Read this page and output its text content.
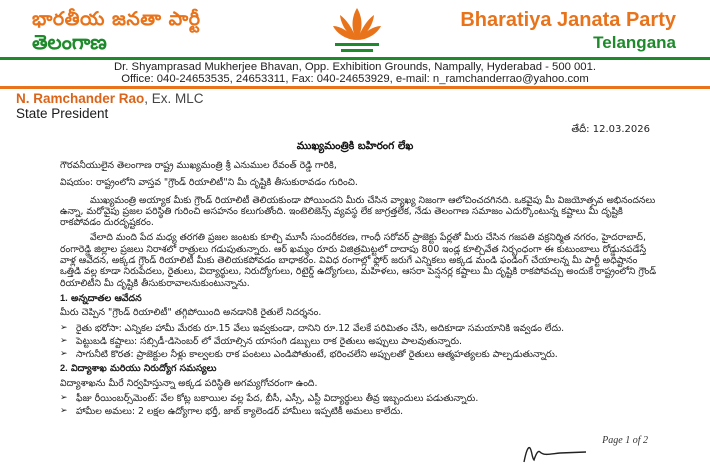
భారతీయ జనతా పార్టీ
తెలంగాణ
Bharatiya Janata Party
Telangana
Dr. Shyamprasad Mukherjee Bhavan, Opp. Exhibition Grounds, Nampally, Hyderabad - 500 001.
Office: 040-24653535, 24653311, Fax: 040-24653929, e-mail: n_ramchanderrao@yahoo.com
N. Ramchander Rao, Ex. MLC
State President
తేదీ: 12.03.2026
ముఖ్యమంత్రికి బహిరంగ లేఖ

గౌరవనీయులైన తెలంగాణ రాష్ట్ర ముఖ్యమంత్రి శ్రీ ఎనుముల రేవంత్ రెడ్డి గారికి,

విషయం: రాష్ట్రంలోని వాస్తవ "గ్రౌండ్ రియాలిటీ"ని మీ దృష్టికి తీసుకురావడం గురించి.

ముఖ్యమంత్రి అయ్యాక మీకు గ్రౌండ్ రియాలిటీ తెలియకుండా పోయిందని మీరు చేసిన వ్యాఖ్య నిజంగా ఆలోచించదగినది. ఒకవైపు మీ విజయోత్సవ అభినందనలు ఉన్నా, మరోవైపు ప్రజల పరిస్థితి గురించి అసహనం కలుగుతోంది. ఇంటెలిజెన్స్ వ్యవస్థ లేక జాగ్రత్తలేక, నేడు తెలంగాణ సమాజం ఎదుర్కొంటున్న కష్టాలు మీ దృష్టికి రాకపోవడం దురదృష్టకరం.

వేలాది మంది పేద మధ్య తరగతి ప్రజల జంటకు కూల్చి మూసీ సుందరీకరణ, గాంధీ సరోవర్ ప్రాజెక్టు పేర్లతో మీరు చేసిన గజపతి వక్రనిర్మిత నగరం, హైదరాబాద్, రంగారెడ్డి జిల్లాల ప్రజలు నిరాశలో రాత్రులు గడుపుతున్నారు. ఆర్ ఖమ్మం రూరు విజిత్రమిట్టలో దాదాపు 800 ఇండ్ల కూల్చివేత నిర్బంధంగా ఈ కుటుంబాలు రోడ్డునపడేస్తే వాళ్ల ఆవేదన, అక్కడ గ్రౌండ్ రియాలిటీ మీకు తెలియకపోవడం బాధాకరం. వివిధ రంగాల్లో ఫ్లోర్ జరుగే ఎన్నికలు అక్కడ మండి ఫండింగ్ చేయాలన్న మీ పార్టీ అధిష్టానం ఒత్తిడి వల్ల కూడా నిరుపేదలు, రైతులు, విద్యార్థులు, నిరుద్యోగులు, రిటైర్డ్ ఉద్యోగులు, మహిళలు, ఆసరా పెన్షనర్ల కష్టాలు మీ దృష్టికి రాకపోవచ్చు అందుకే రాష్ట్రంలోని గ్రౌండ్ రియాలిటీని మీ దృష్టికి తీసుకురావాలనుకుంటున్నాను.

1. అన్నదాతల ఆవేదన

మీరు చెప్పిన "గ్రౌండ్ రియాలిటీ" తగ్గిపోయింది అనడానికి రైతులే నిదర్శనం.

➢ రైతు భరోసా: ఎన్నికల హామీ మేరకు రూ.15 వేలు ఇవ్వకుండా, దానిని రూ.12 వేలకే పరిమితం చేసి, అదికూడా సమయానికి ఇవ్వడం లేదు.
➢ పెట్టుబడి కష్టాలు: సబ్సిడీ-డిసెంబర్ లో వేయాల్సిన యాసంగి డబ్బులు రాక రైతులు అప్పులు పాలవుతున్నారు.
➢ సాగునీటి కొరత: ప్రాజెక్టుల నీళ్లు కాల్వలకు రాక పంటలు ఎండిపోతుంటే, భరించలేని అప్పులతో రైతులు ఆత్మహత్యలకు పాల్పడుతున్నారు.

2. విద్యాశాఖ మరియు నిరుద్యోగ సమస్యలు

విద్యాశాఖను మీరే నిర్వహిస్తున్నా అక్కడ పరిస్థితి అగమ్యగోచరంగా ఉంది.

➢ ఫీజు రీయింబర్స్‌మెంట్: వేల కోట్ల బకాయిల వల్ల పేద, బీసీ, ఎస్సీ, ఎస్టీ విద్యార్థులు తీవ్ర ఇబ్బందులు పడుతున్నారు.
➢ హామీల అమలు: 2 లక్షల ఉద్యోగాల భర్తీ, జాబ్ క్యాలెండర్ హామీలు ఇప్పటికీ అమలు కాలేదు.
Page 1 of 2
